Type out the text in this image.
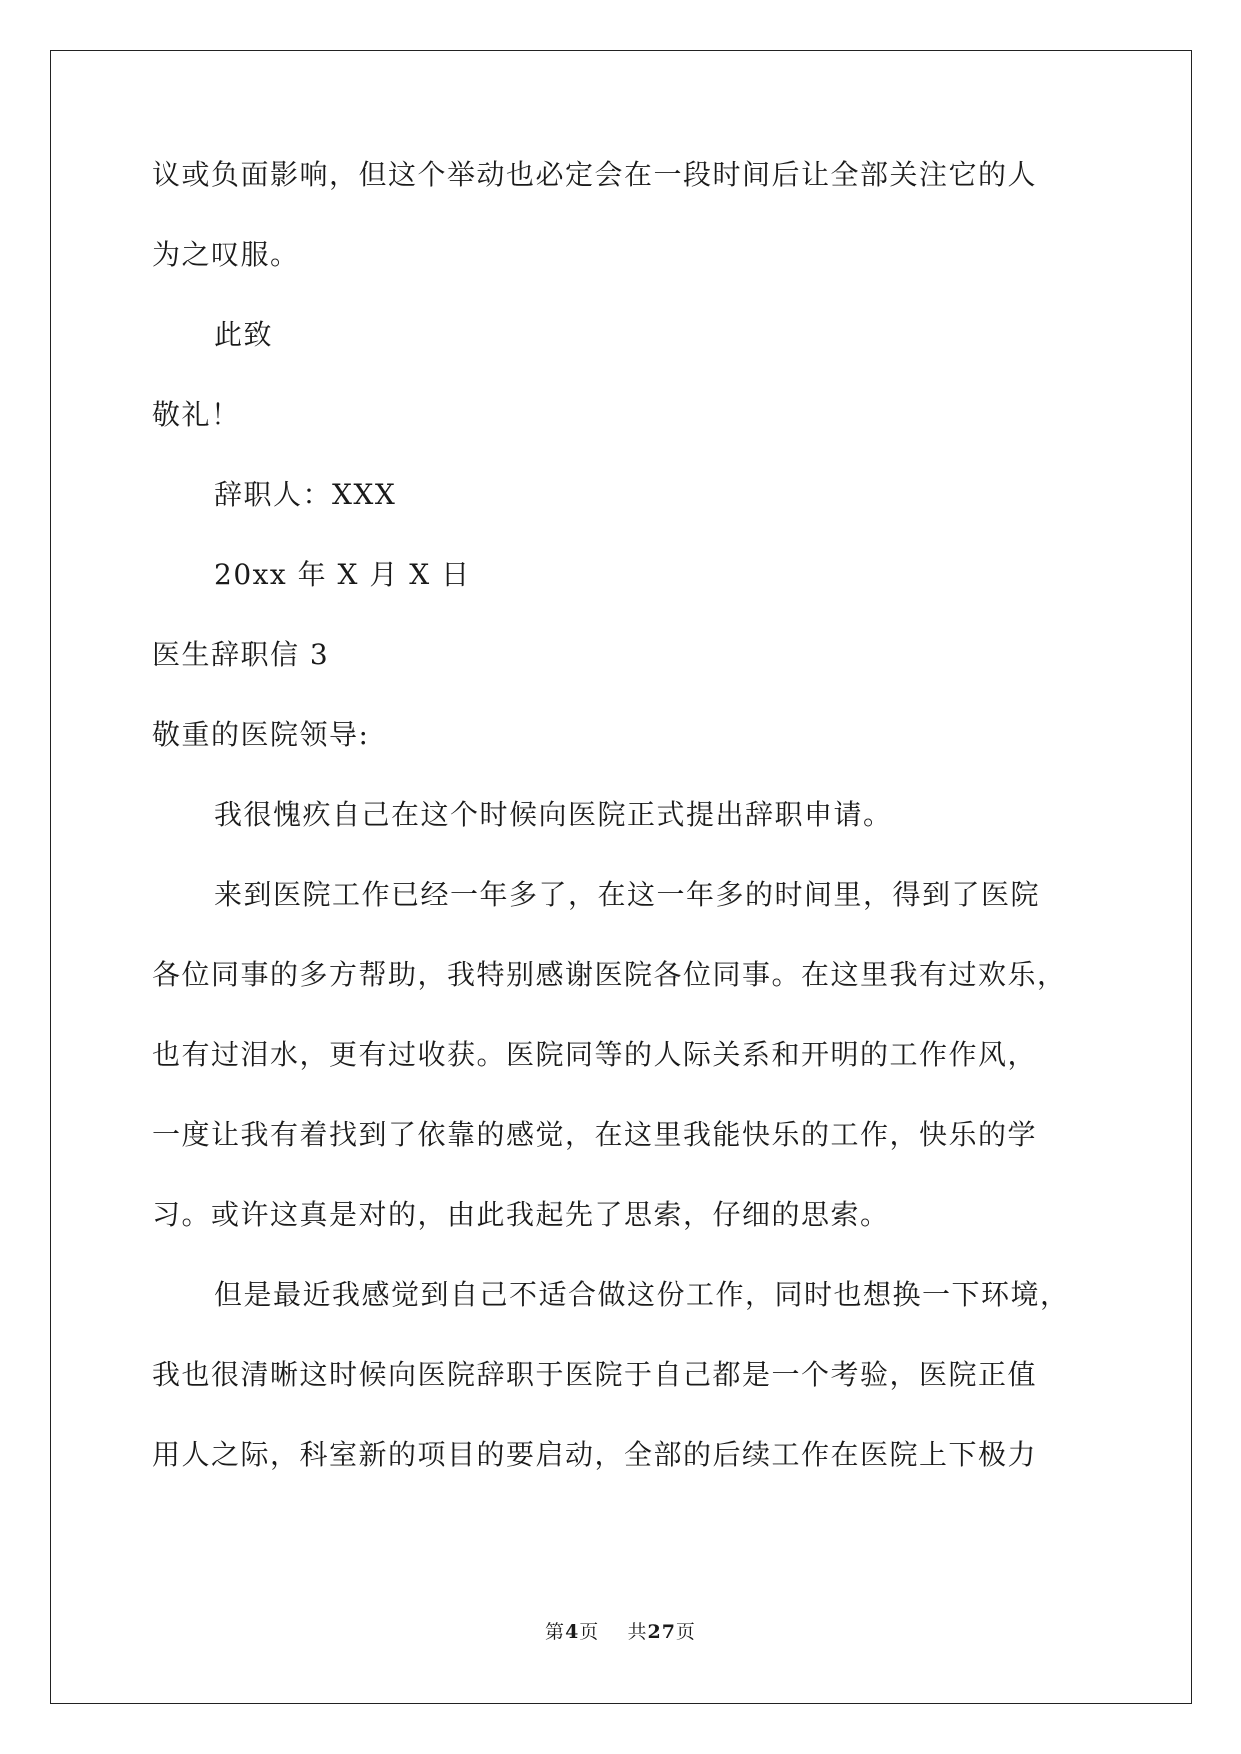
议或负面影响，但这个举动也必定会在一段时间后让全部关注它的人
为之叹服。
此致
敬礼！
辞职人：XXX
20xx 年 X 月 X 日
医生辞职信 3
敬重的医院领导:
我很愧疚自己在这个时候向医院正式提出辞职申请。
来到医院工作已经一年多了，在这一年多的时间里，得到了医院
各位同事的多方帮助，我特别感谢医院各位同事。在这里我有过欢乐，
也有过泪水，更有过收获。医院同等的人际关系和开明的工作作风，
一度让我有着找到了依靠的感觉，在这里我能快乐的工作，快乐的学
习。或许这真是对的，由此我起先了思索，仔细的思索。
但是最近我感觉到自己不适合做这份工作，同时也想换一下环境，
我也很清晰这时候向医院辞职于医院于自己都是一个考验，医院正值
用人之际，科室新的项目的要启动，全部的后续工作在医院上下极力
第4页    共27页
